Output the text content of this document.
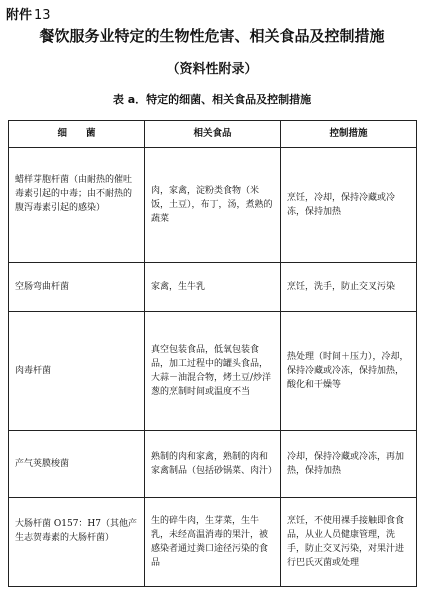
附件 13
餐饮服务业特定的生物性危害、相关食品及控制措施
（资料性附录）
表 a．特定的细菌、相关食品及控制措施
细　　菌	相关食品	控制措施

蜡样芽胞杆菌（由耐热的催吐毒素引起的中毒；由不耐热的腹泻毒素引起的感染）	肉，家禽，淀粉类食物（米饭，土豆），布丁，汤，煮熟的蔬菜	烹饪，冷却，保持冷藏或冷冻，保持加热

空肠弯曲杆菌	家禽，生牛乳	烹饪，洗手，防止交叉污染

肉毒杆菌	真空包装食品，低氧包装食品，加工过程中的罐头食品，大蒜－油混合物，烤土豆/炒洋葱的烹制时间或温度不当	热处理（时间＋压力），冷却，保持冷藏或冷冻，保持加热，酸化和干燥等

产气荚膜梭菌	熟制的肉和家禽，熟制的肉和家禽制品（包括砂锅菜、肉汁）	冷却，保持冷藏或冷冻，再加热，保持加热

大肠杆菌 O157：H7（其他产生志贺毒素的大肠杆菌）	生的碎牛肉，生芽菜，生牛乳，未经高温消毒的果汁，被感染者通过粪口途径污染的食品	烹饪，不使用裸手接触即食食品，从业人员健康管理，洗手，防止交叉污染，对果汁进行巴氏灭菌或处理
